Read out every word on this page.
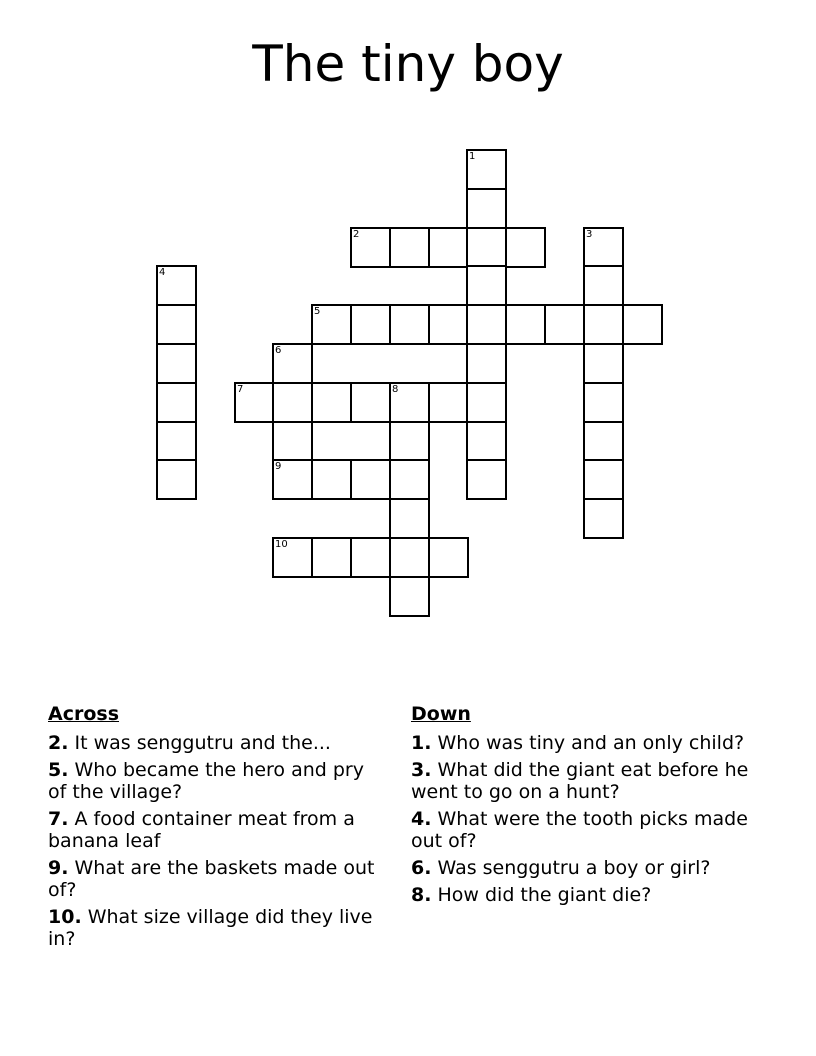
The tiny boy
1
2	3
4
5
6
7	8
9
10
Across
2. It was senggutru and the...
5. Who became the hero and pry of the village?
7. A food container meat from a banana leaf
9. What are the baskets made out of?
10. What size village did they live in?
Down
1. Who was tiny and an only child?
3. What did the giant eat before he went to go on a hunt?
4. What were the tooth picks made out of?
6. Was senggutru a boy or girl?
8. How did the giant die?
